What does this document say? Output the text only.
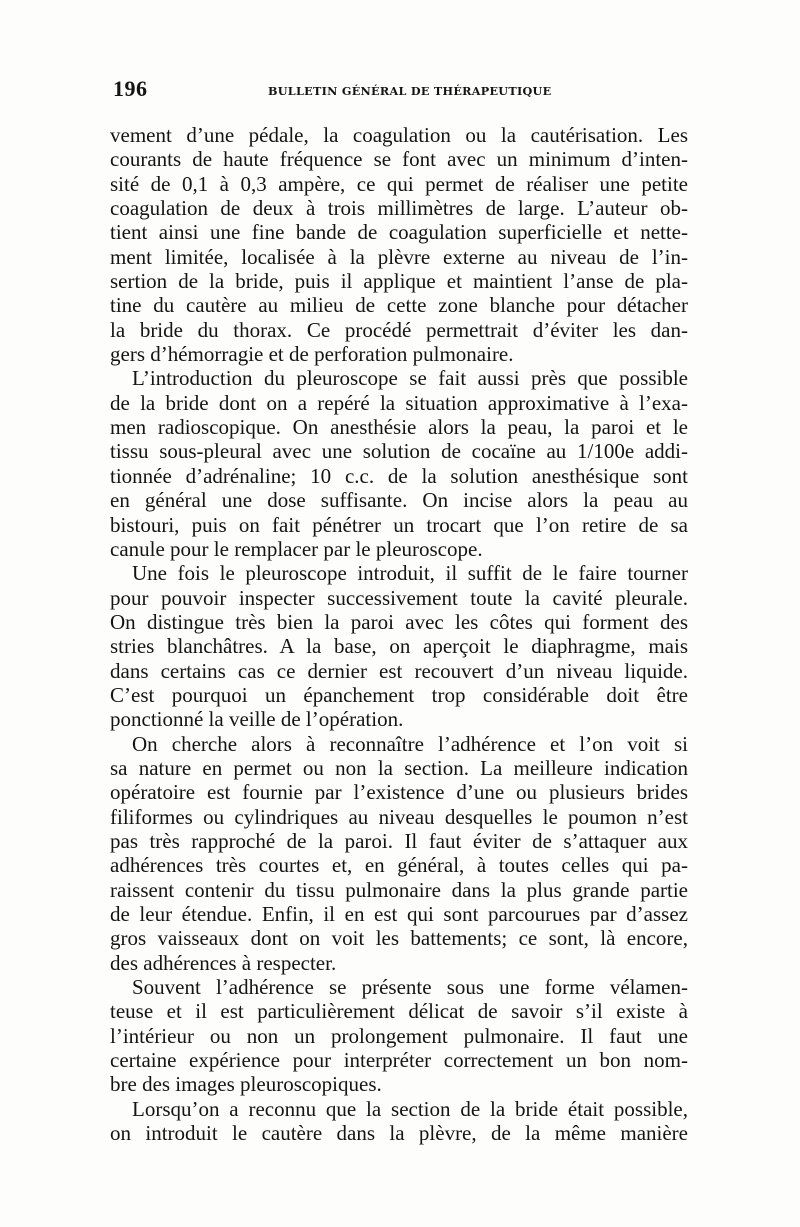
196	BULLETIN GÉNÉRAL DE THÉRAPEUTIQUE
vement d’une pédale, la coagulation ou la cautérisation. Les
courants de haute fréquence se font avec un minimum d’inten-
sité de 0,1 à 0,3 ampère, ce qui permet de réaliser une petite
coagulation de deux à trois millimètres de large. L’auteur ob-
tient ainsi une fine bande de coagulation superficielle et nette-
ment limitée, localisée à la plèvre externe au niveau de l’in-
sertion de la bride, puis il applique et maintient l’anse de pla-
tine du cautère au milieu de cette zone blanche pour détacher
la bride du thorax. Ce procédé permettrait d’éviter les dan-
gers d’hémorragie et de perforation pulmonaire.
L’introduction du pleuroscope se fait aussi près que possible
de la bride dont on a repéré la situation approximative à l’exa-
men radioscopique. On anesthésie alors la peau, la paroi et le
tissu sous-pleural avec une solution de cocaïne au 1/100e addi-
tionnée d’adrénaline; 10 c.c. de la solution anesthésique sont
en général une dose suffisante. On incise alors la peau au
bistouri, puis on fait pénétrer un trocart que l’on retire de sa
canule pour le remplacer par le pleuroscope.
Une fois le pleuroscope introduit, il suffit de le faire tourner
pour pouvoir inspecter successivement toute la cavité pleurale.
On distingue très bien la paroi avec les côtes qui forment des
stries blanchâtres. A la base, on aperçoit le diaphragme, mais
dans certains cas ce dernier est recouvert d’un niveau liquide.
C’est pourquoi un épanchement trop considérable doit être
ponctionné la veille de l’opération.
On cherche alors à reconnaître l’adhérence et l’on voit si
sa nature en permet ou non la section. La meilleure indication
opératoire est fournie par l’existence d’une ou plusieurs brides
filiformes ou cylindriques au niveau desquelles le poumon n’est
pas très rapproché de la paroi. Il faut éviter de s’attaquer aux
adhérences très courtes et, en général, à toutes celles qui pa-
raissent contenir du tissu pulmonaire dans la plus grande partie
de leur étendue. Enfin, il en est qui sont parcourues par d’assez
gros vaisseaux dont on voit les battements; ce sont, là encore,
des adhérences à respecter.
Souvent l’adhérence se présente sous une forme vélamen-
teuse et il est particulièrement délicat de savoir s’il existe à
l’intérieur ou non un prolongement pulmonaire. Il faut une
certaine expérience pour interpréter correctement un bon nom-
bre des images pleuroscopiques.
Lorsqu’on a reconnu que la section de la bride était possible,
on introduit le cautère dans la plèvre, de la même manière
